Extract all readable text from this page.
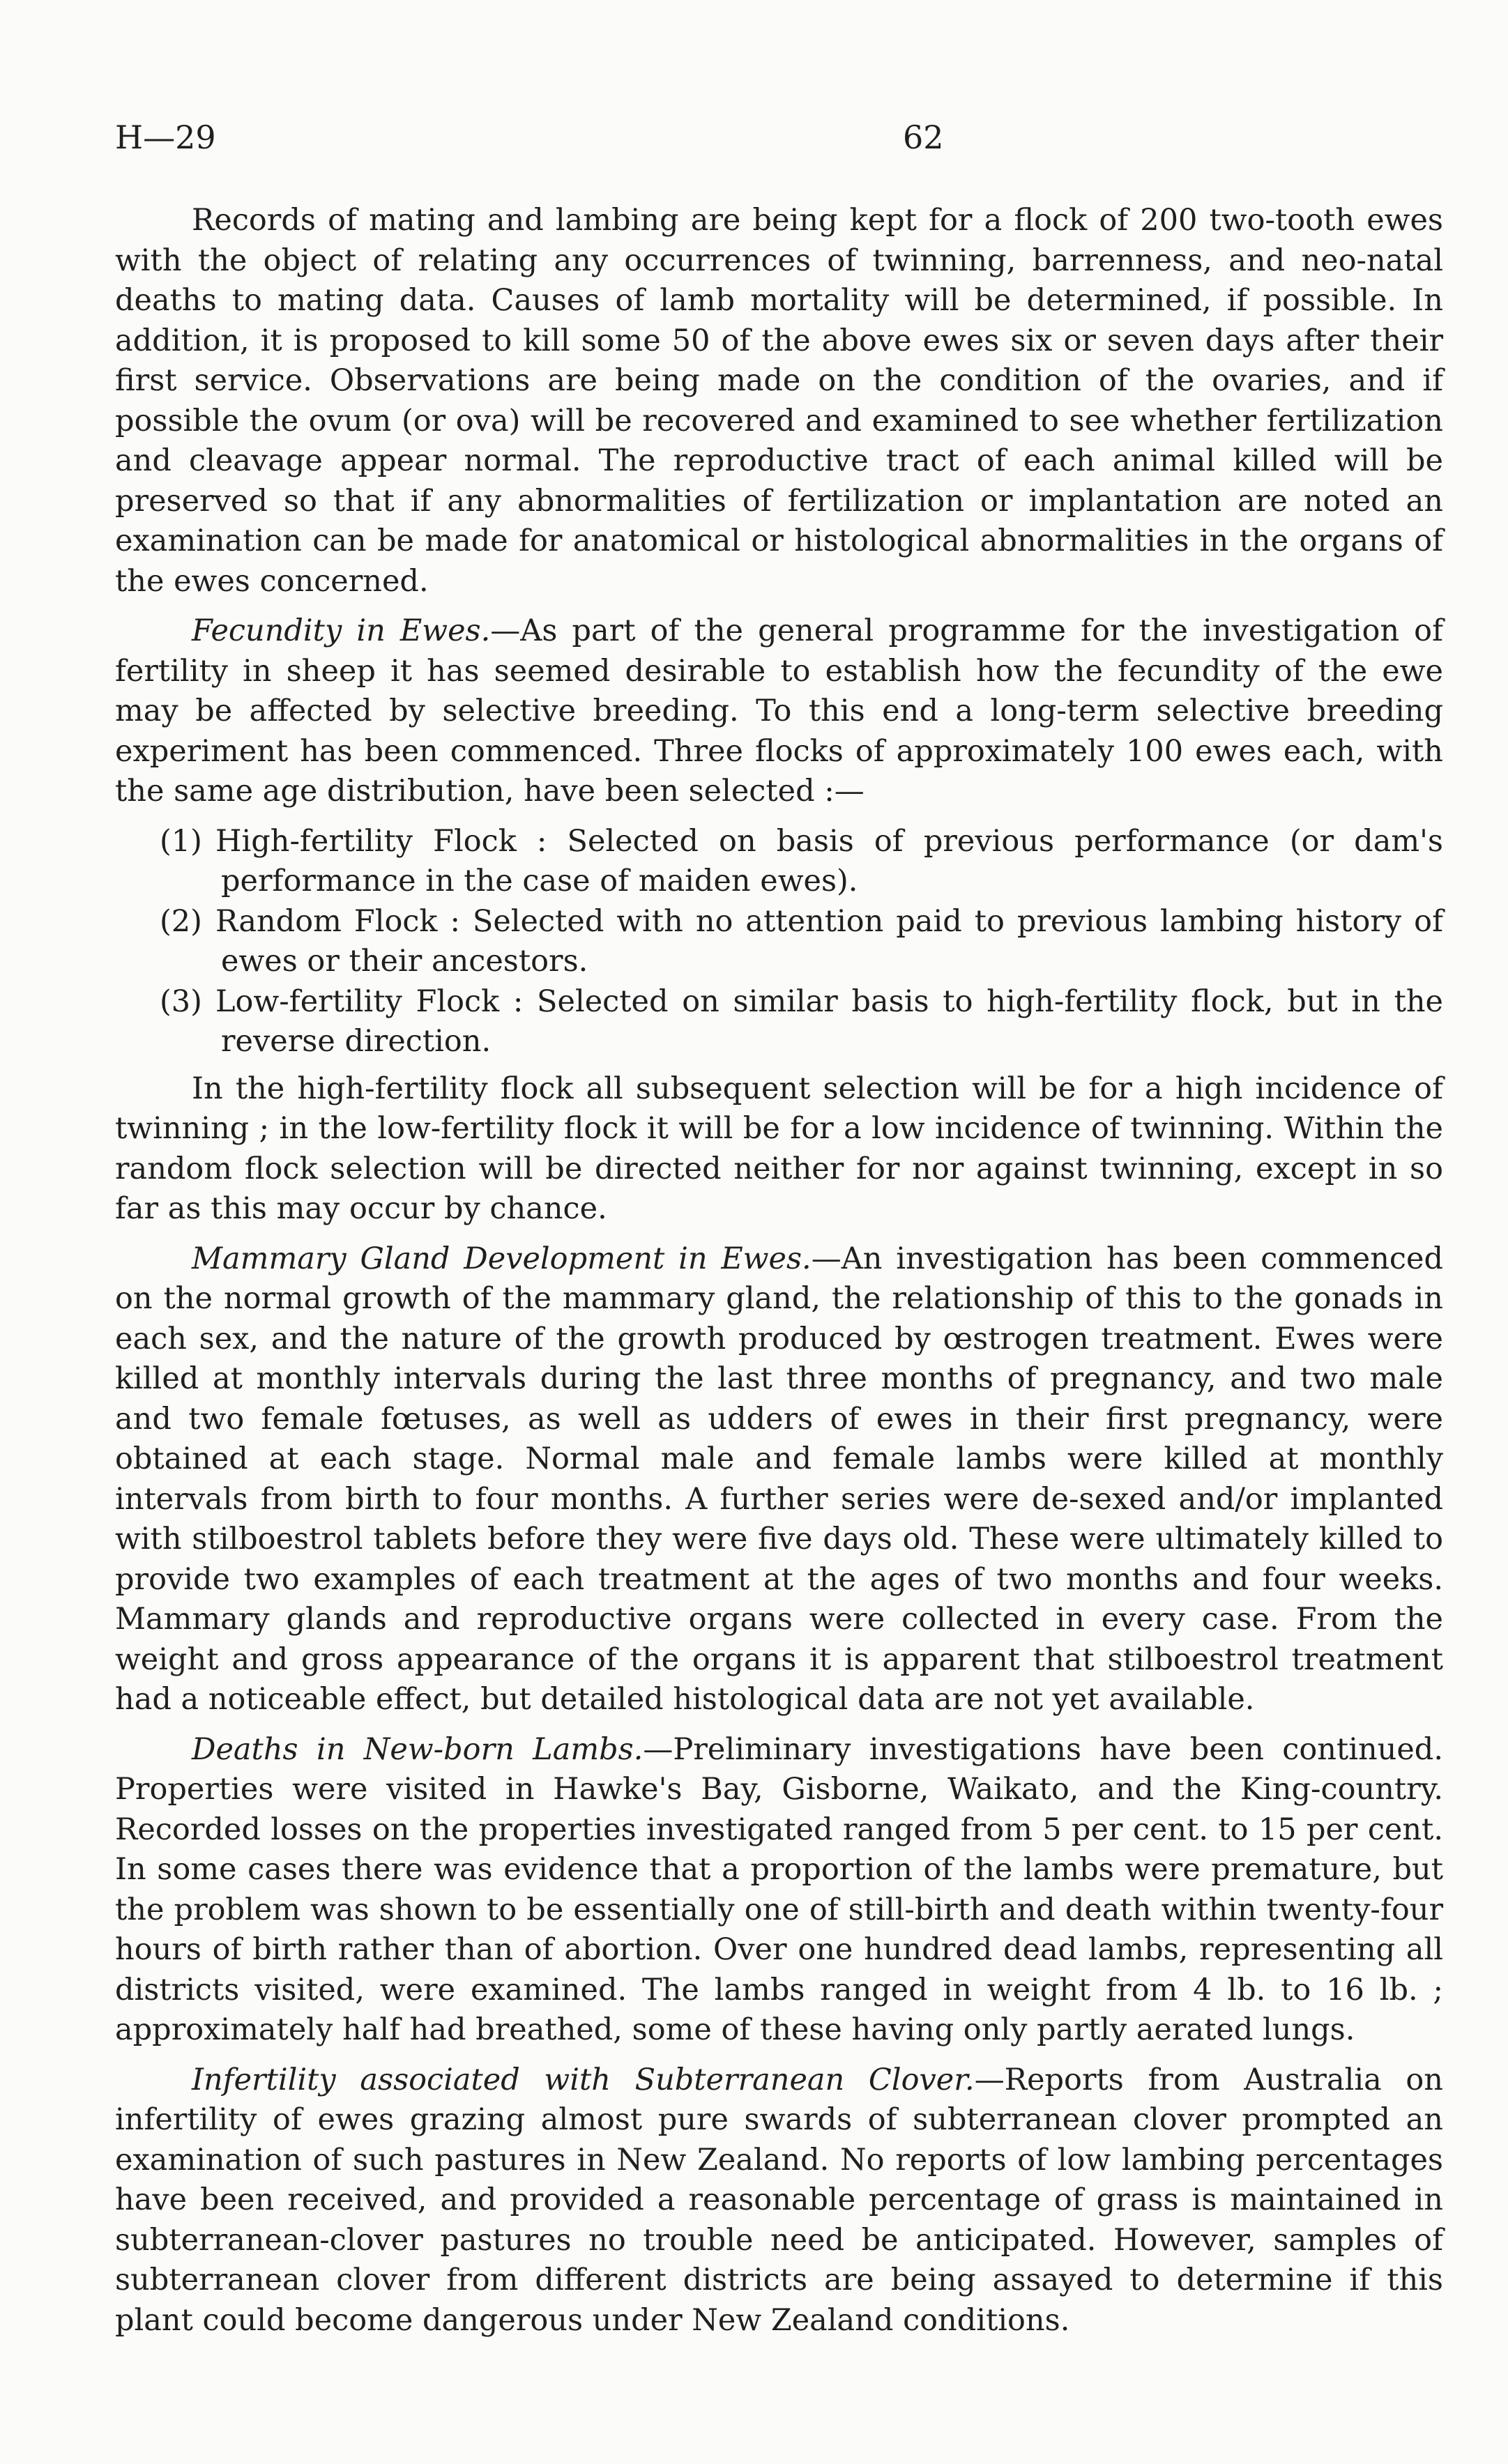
H—29	62

Records of mating and lambing are being kept for a flock of 200 two-tooth ewes with the object of relating any occurrences of twinning, barrenness, and neo-natal deaths to mating data. Causes of lamb mortality will be determined, if possible. In addition, it is proposed to kill some 50 of the above ewes six or seven days after their first service. Observations are being made on the condition of the ovaries, and if possible the ovum (or ova) will be recovered and examined to see whether fertilization and cleavage appear normal. The reproductive tract of each animal killed will be preserved so that if any abnormalities of fertilization or implantation are noted an examination can be made for anatomical or histological abnormalities in the organs of the ewes concerned.

Fecundity in Ewes.—As part of the general programme for the investigation of fertility in sheep it has seemed desirable to establish how the fecundity of the ewe may be affected by selective breeding. To this end a long-term selective breeding experiment has been commenced. Three flocks of approximately 100 ewes each, with the same age distribution, have been selected :—

(1) High-fertility Flock : Selected on basis of previous performance (or dam's performance in the case of maiden ewes).
(2) Random Flock : Selected with no attention paid to previous lambing history of ewes or their ancestors.
(3) Low-fertility Flock : Selected on similar basis to high-fertility flock, but in the reverse direction.

In the high-fertility flock all subsequent selection will be for a high incidence of twinning ; in the low-fertility flock it will be for a low incidence of twinning. Within the random flock selection will be directed neither for nor against twinning, except in so far as this may occur by chance.

Mammary Gland Development in Ewes.—An investigation has been commenced on the normal growth of the mammary gland, the relationship of this to the gonads in each sex, and the nature of the growth produced by œstrogen treatment. Ewes were killed at monthly intervals during the last three months of pregnancy, and two male and two female fœtuses, as well as udders of ewes in their first pregnancy, were obtained at each stage. Normal male and female lambs were killed at monthly intervals from birth to four months. A further series were de-sexed and/or implanted with stilboestrol tablets before they were five days old. These were ultimately killed to provide two examples of each treatment at the ages of two months and four weeks. Mammary glands and reproductive organs were collected in every case. From the weight and gross appearance of the organs it is apparent that stilboestrol treatment had a noticeable effect, but detailed histological data are not yet available.

Deaths in New-born Lambs.—Preliminary investigations have been continued. Properties were visited in Hawke's Bay, Gisborne, Waikato, and the King-country. Recorded losses on the properties investigated ranged from 5 per cent. to 15 per cent. In some cases there was evidence that a proportion of the lambs were premature, but the problem was shown to be essentially one of still-birth and death within twenty-four hours of birth rather than of abortion. Over one hundred dead lambs, representing all districts visited, were examined. The lambs ranged in weight from 4 lb. to 16 lb. ; approximately half had breathed, some of these having only partly aerated lungs.

Infertility associated with Subterranean Clover.—Reports from Australia on infertility of ewes grazing almost pure swards of subterranean clover prompted an examination of such pastures in New Zealand. No reports of low lambing percentages have been received, and provided a reasonable percentage of grass is maintained in subterranean-clover pastures no trouble need be anticipated. However, samples of subterranean clover from different districts are being assayed to determine if this plant could become dangerous under New Zealand conditions.
